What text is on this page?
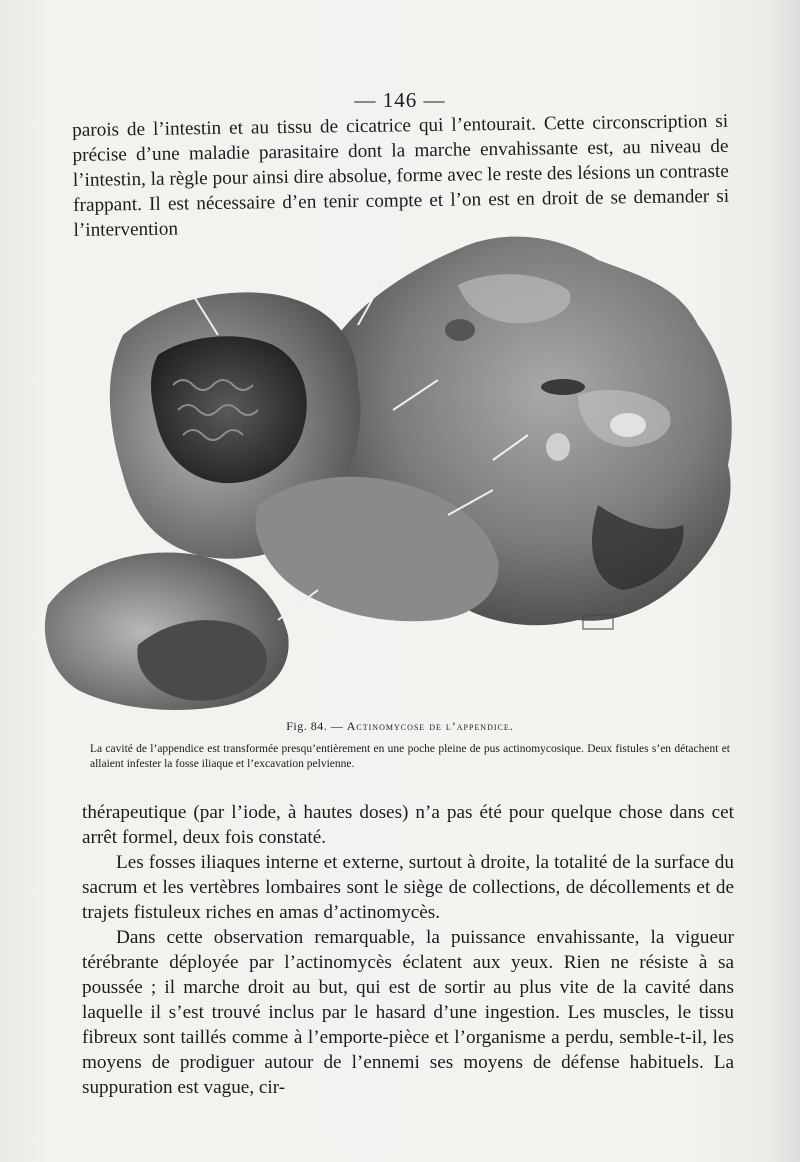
— 146 —

parois de l’intestin et au tissu de cicatrice qui l’entourait. Cette circonscription si précise d’une maladie parasitaire dont la marche envahissante est, au niveau de l’intestin, la règle pour ainsi dire absolue, forme avec le reste des lésions un contraste frappant. Il est nécessaire d’en tenir compte et l’on est en droit de se demander si l’intervention

Fig. 84. — Actinomycose de l’appendice.

La cavité de l’appendice est transformée presqu’entièrement en une poche pleine de pus actinomycosique. Deux fistules s’en détachent et allaient infester la fosse iliaque et l’excavation pelvienne.

thérapeutique (par l’iode, à hautes doses) n’a pas été pour quelque chose dans cet arrêt formel, deux fois constaté.

Les fosses iliaques interne et externe, surtout à droite, la totalité de la surface du sacrum et les vertèbres lombaires sont le siège de collections, de décollements et de trajets fistuleux riches en amas d’actinomycès.

Dans cette observation remarquable, la puissance envahissante, la vigueur térébrante déployée par l’actinomycès éclatent aux yeux. Rien ne résiste à sa poussée ; il marche droit au but, qui est de sortir au plus vite de la cavité dans laquelle il s’est trouvé inclus par le hasard d’une ingestion. Les muscles, le tissu fibreux sont taillés comme à l’emporte-pièce et l’organisme a perdu, semble-t-il, les moyens de prodiguer autour de l’ennemi ses moyens de défense habituels. La suppuration est vague, cir-
